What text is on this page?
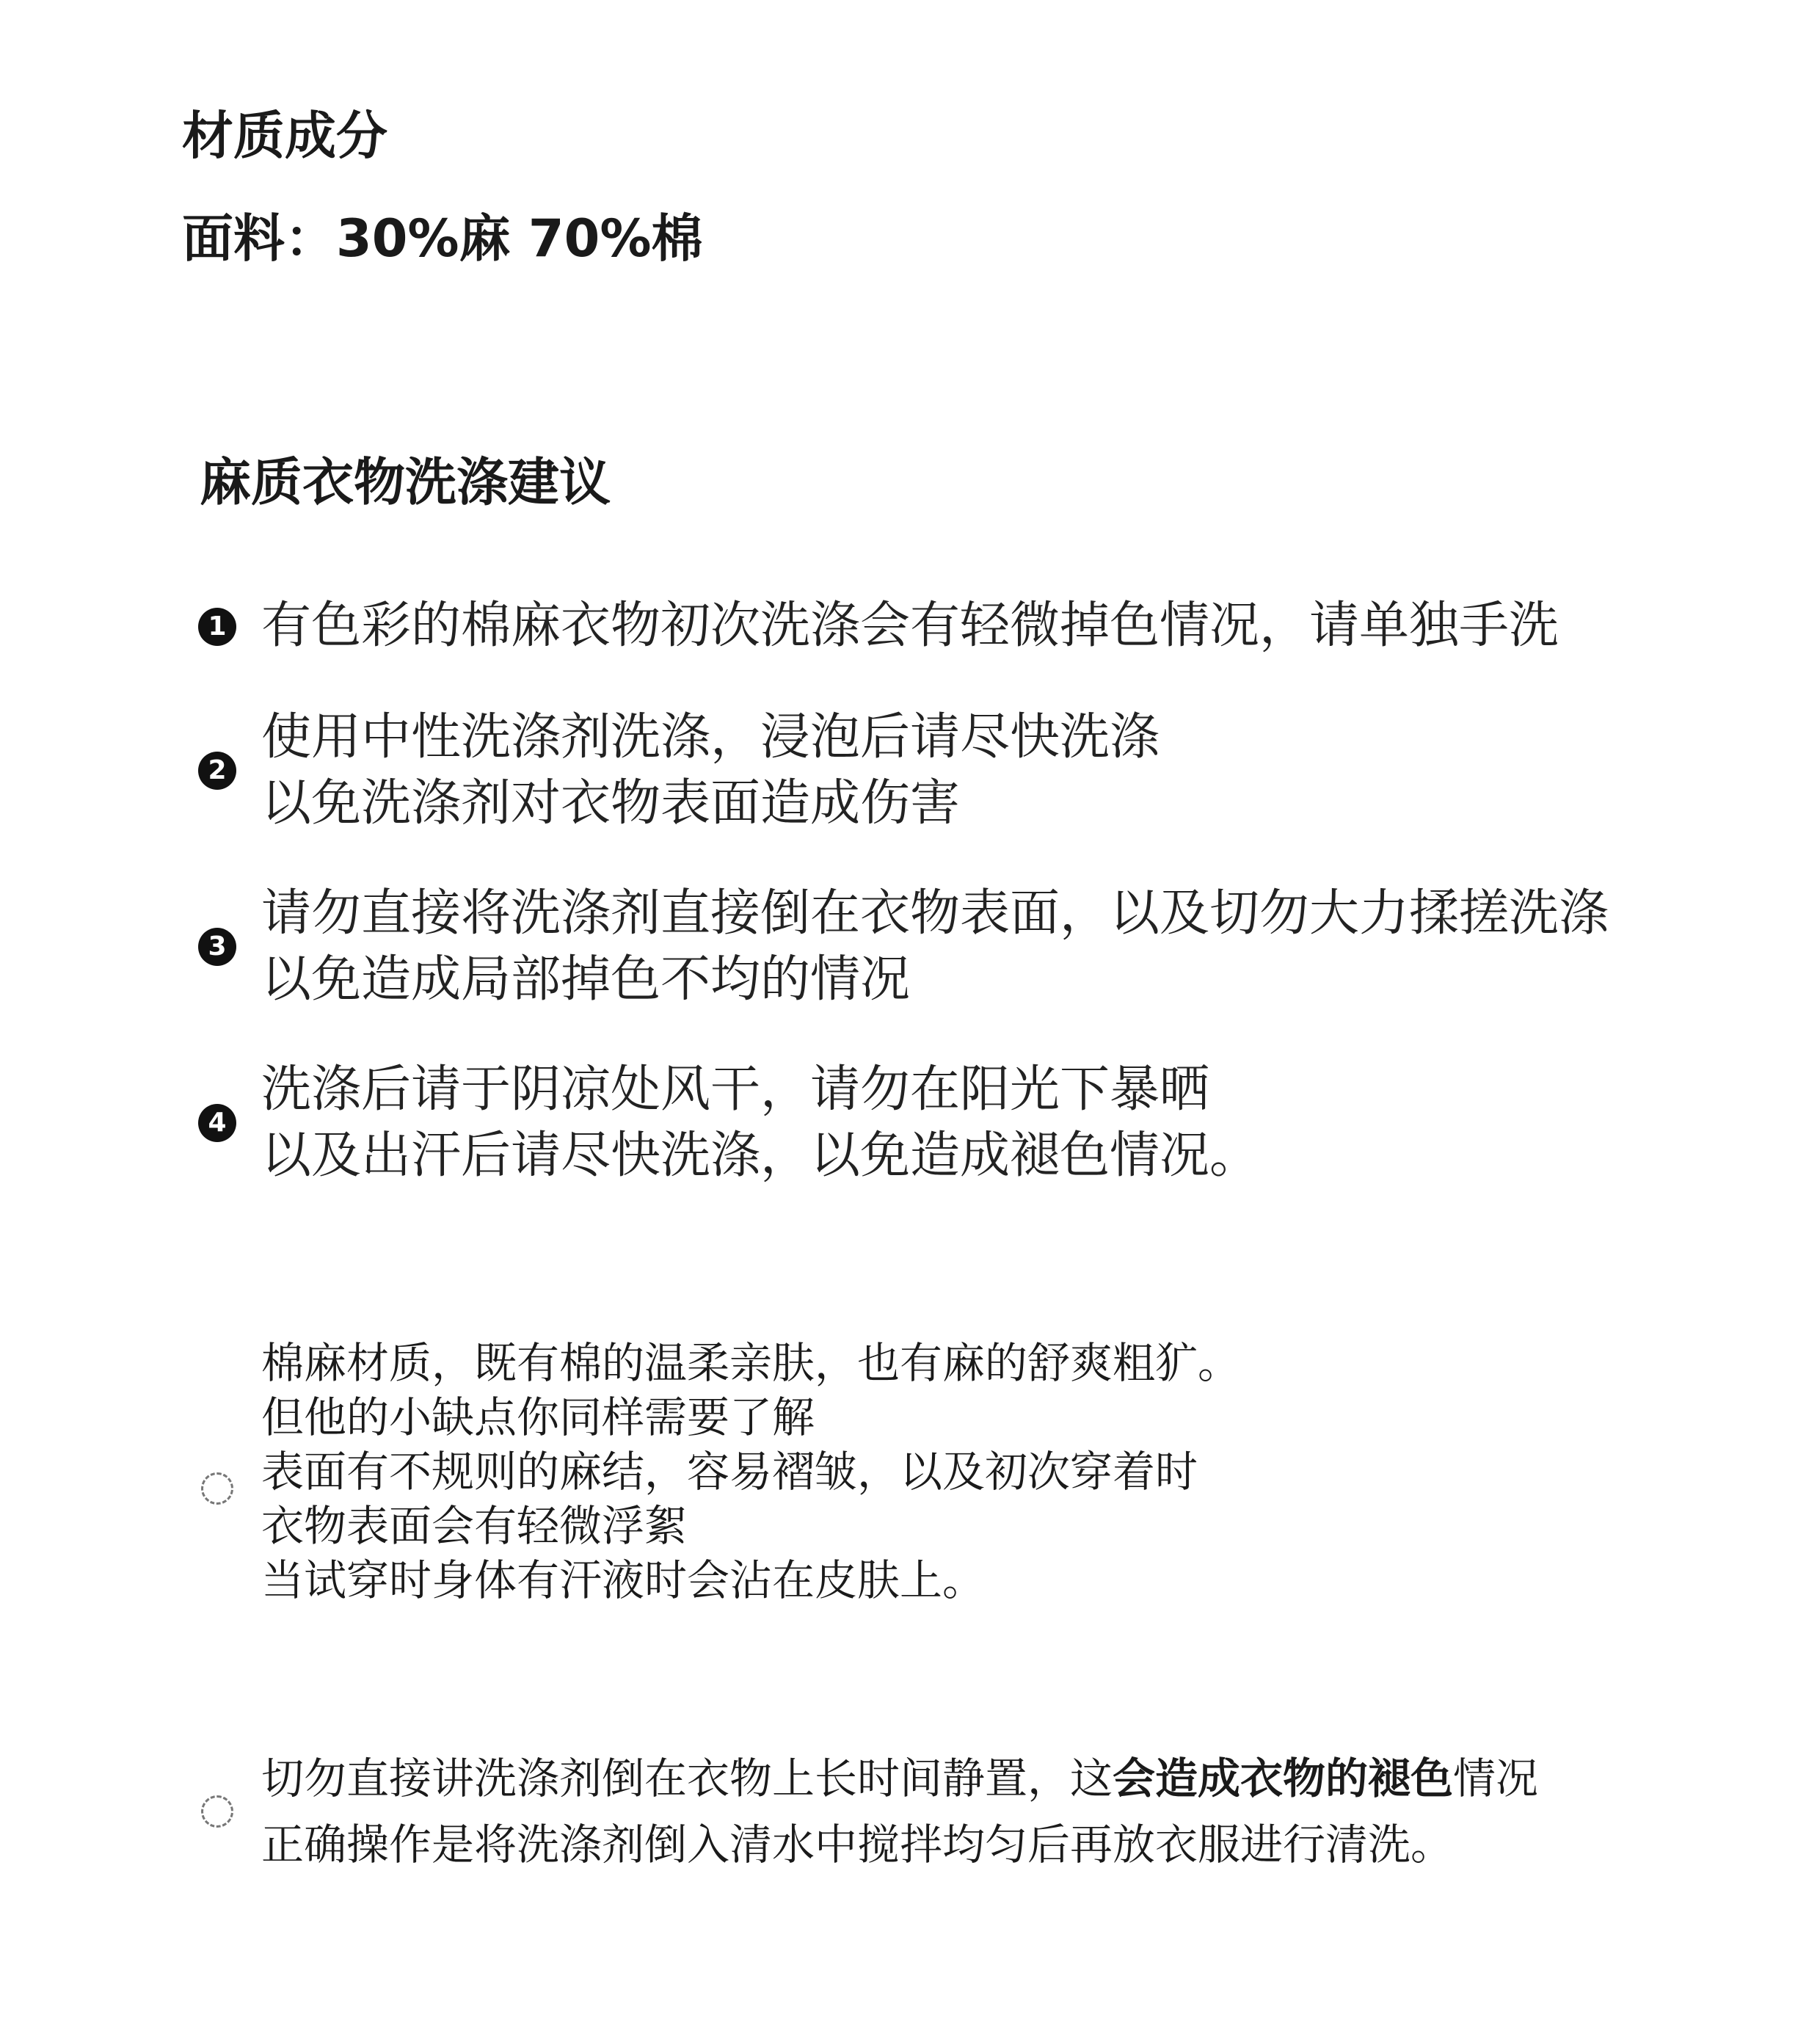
材质成分
面料：30%麻 70%棉
麻质衣物洗涤建议
1 有色彩的棉麻衣物初次洗涤会有轻微掉色情况，请单独手洗
2
使用中性洗涤剂洗涤，浸泡后请尽快洗涤
以免洗涤剂对衣物表面造成伤害
3
请勿直接将洗涤剂直接倒在衣物表面，以及切勿大力揉搓洗涤
以免造成局部掉色不均的情况
4
洗涤后请于阴凉处风干，请勿在阳光下暴晒
以及出汗后请尽快洗涤，以免造成褪色情况。
棉麻材质，既有棉的温柔亲肤，也有麻的舒爽粗犷。
但他的小缺点你同样需要了解
表面有不规则的麻结，容易褶皱，以及初次穿着时
衣物表面会有轻微浮絮
当试穿时身体有汗液时会沾在皮肤上。
切勿直接讲洗涤剂倒在衣物上长时间静置，这会造成衣物的褪色情况
正确操作是将洗涤剂倒入清水中搅拌均匀后再放衣服进行清洗。
